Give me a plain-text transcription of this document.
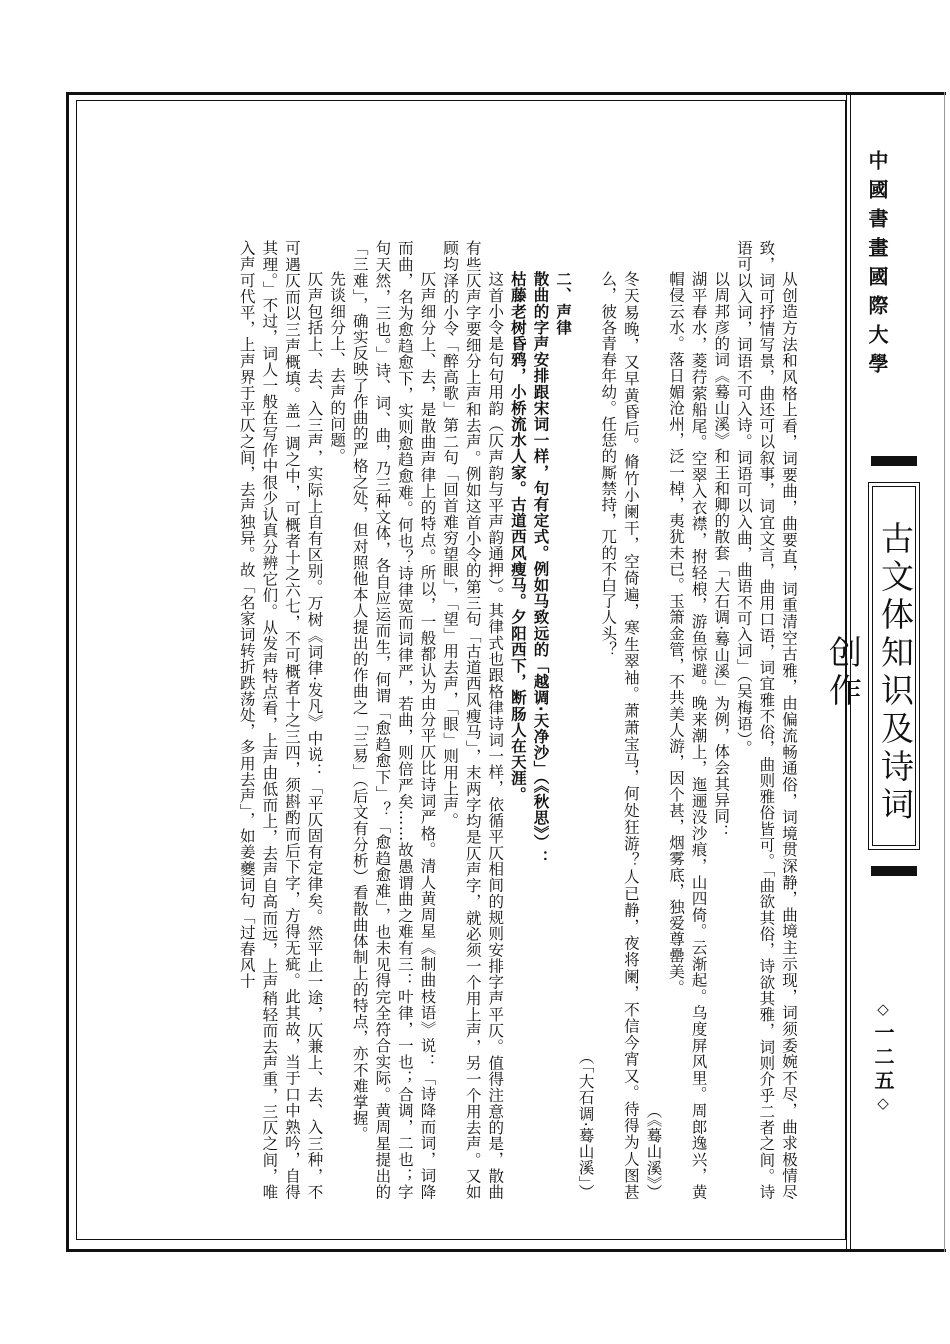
中國書畫國際大學
古文体知识及诗词创作
◇一二五◇

从创造方法和风格上看，词要曲，曲要直，词重清空古雅，由偏流畅通俗，词境贯深静，曲境主示现，词须委婉不尽，曲求极情尽致，词可抒情写景，曲还可以叙事，词宜文言，曲用口语，词宜雅不俗，曲则雅俗皆可。「曲欲其俗，诗欲其雅，词则介乎二者之间。诗语可以入词，词语不可入诗。词语可以入曲，曲语不可入词」（吴梅语）。

以周邦彦的词《蓦山溪》和王和卿的散套「大石调·蓦山溪」为例，体会其异同：

湖平春水，菱荇萦船尾。空翠入衣襟，拊轻桹，游鱼惊避。晚来潮上，迤逦没沙痕，山四倚。云渐起。乌度屏风里。周郎逸兴，黄帽侵云水。落日媚沧州，泛一棹，夷犹未已。玉箫金管，不共美人游，因个甚，烟雾底，独爱尊罍美。

（《蓦山溪》）

冬天易晚，又早黄昏后。脩竹小阑干，空倚遍，寒生翠袖。萧萧宝马，何处狂游？人已静，夜将阑，不信今宵又。待得为人图甚么，彼各青春年幼。任恁的厮禁持，兀的不白了人头？

（「大石调·蓦山溪」）

二、声律

散曲的字声安排跟宋词一样，句有定式。例如马致远的「越调·天净沙」（《秋思》）：

枯藤老树昏鸦，小桥流水人家。古道西风瘦马。夕阳西下，断肠人在天涯。

这首小令是句句用韵（仄声韵与平声韵通押）。其律式也跟格律诗词一样，依循平仄相间的规则安排字声平仄。值得注意的是，散曲有些仄声字要细分上声和去声。例如这首小令的第三句「古道西风瘦马」，末两字均是仄声字，就必须一个用上声，另一个用去声。又如顾均泽的小令「醉高歌」第二句「回首难穷望眼」，「望」用去声，「眼」则用上声。

仄声细分上、去，是散曲声律上的特点。所以，一般都认为由分平仄比诗词严格。清人黄周星《制曲枝语》说：「诗降而词，词降而曲，名为愈趋愈下，实则愈趋愈难。何也？诗律宽而词律严，若曲，则倍严矣……故愚谓曲之难有三：叶律，一也；合调，二也；字句天然，三也。」诗、词、曲，乃三种文体，各自应运而生，何谓「愈趋愈下」？「愈趋愈难」，也未见得完全符合实际。黄周星提出的「三难」，确实反映了作曲的严格之处，但对照他本人提出的作曲之「三易」（后文有分析）看散曲体制上的特点，亦不难掌握。

先谈细分上、去声的问题。

仄声包括上、去、入三声，实际上自有区别。万树《词律·发凡》中说：「平仄固有定律矣。然平止一途，仄兼上、去、入三种，不可遇仄而以三声概填。盖一调之中，可概者十之六七，不可概者十之三四，须斟酌而后下字，方得无疵。此其故，当于口中熟吟，自得其理。」不过，词人一般在写作中很少认真分辨它们。从发声特点看，上声由低而上，去声自高而远，上声稍轻而去声重，三仄之间，唯入声可代平，上声界于平仄之间，去声独异。故「名家词转折跌荡处，多用去声」，如姜夔词句「过春风十
